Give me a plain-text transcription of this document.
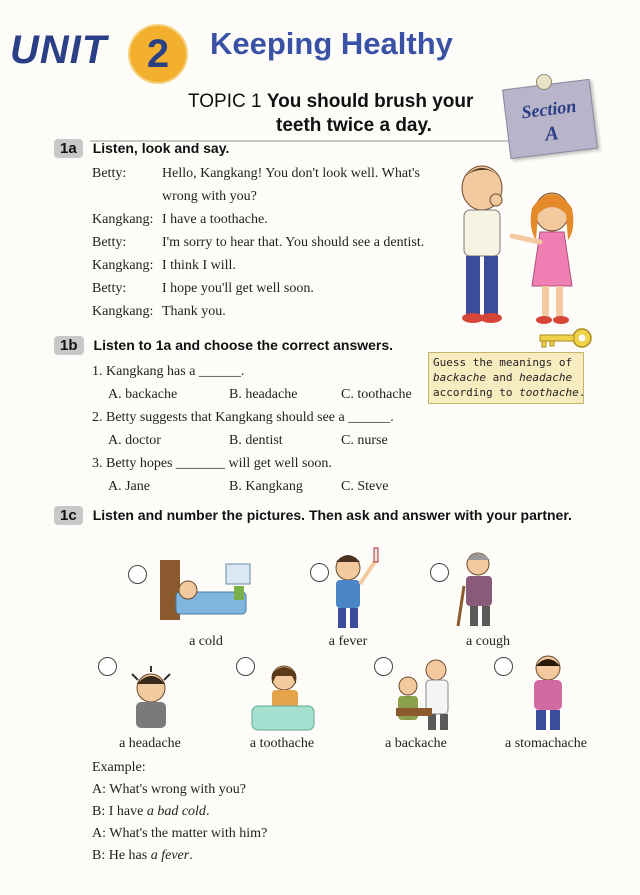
UNIT 2	Keeping Healthy
TOPIC 1 You should brush your
teeth twice a day.
Section
A
1a Listen, look and say.
Betty:	Hello, Kangkang! You don't look well. What's wrong with you?
Kangkang: I have a toothache.
Betty:	I'm sorry to hear that. You should see a dentist.
Kangkang: I think I will.
Betty:	I hope you'll get well soon.
Kangkang: Thank you.
1b Listen to 1a and choose the correct answers.
1. Kangkang has a ______.
A. backache	B. headache	C. toothache
2. Betty suggests that Kangkang should see a ______.
A. doctor	B. dentist	C. nurse
3. Betty hopes _______ will get well soon.
A. Jane	B. Kangkang	C. Steve
Guess the meanings of
backache and headache
according to toothache.
1c Listen and number the pictures. Then ask and answer with your partner.
a cold	a fever	a cough
a headache	a toothache	a backache	a stomachache
Example:
A: What's wrong with you?
B: I have a bad cold.
A: What's the matter with him?
B: He has a fever.
